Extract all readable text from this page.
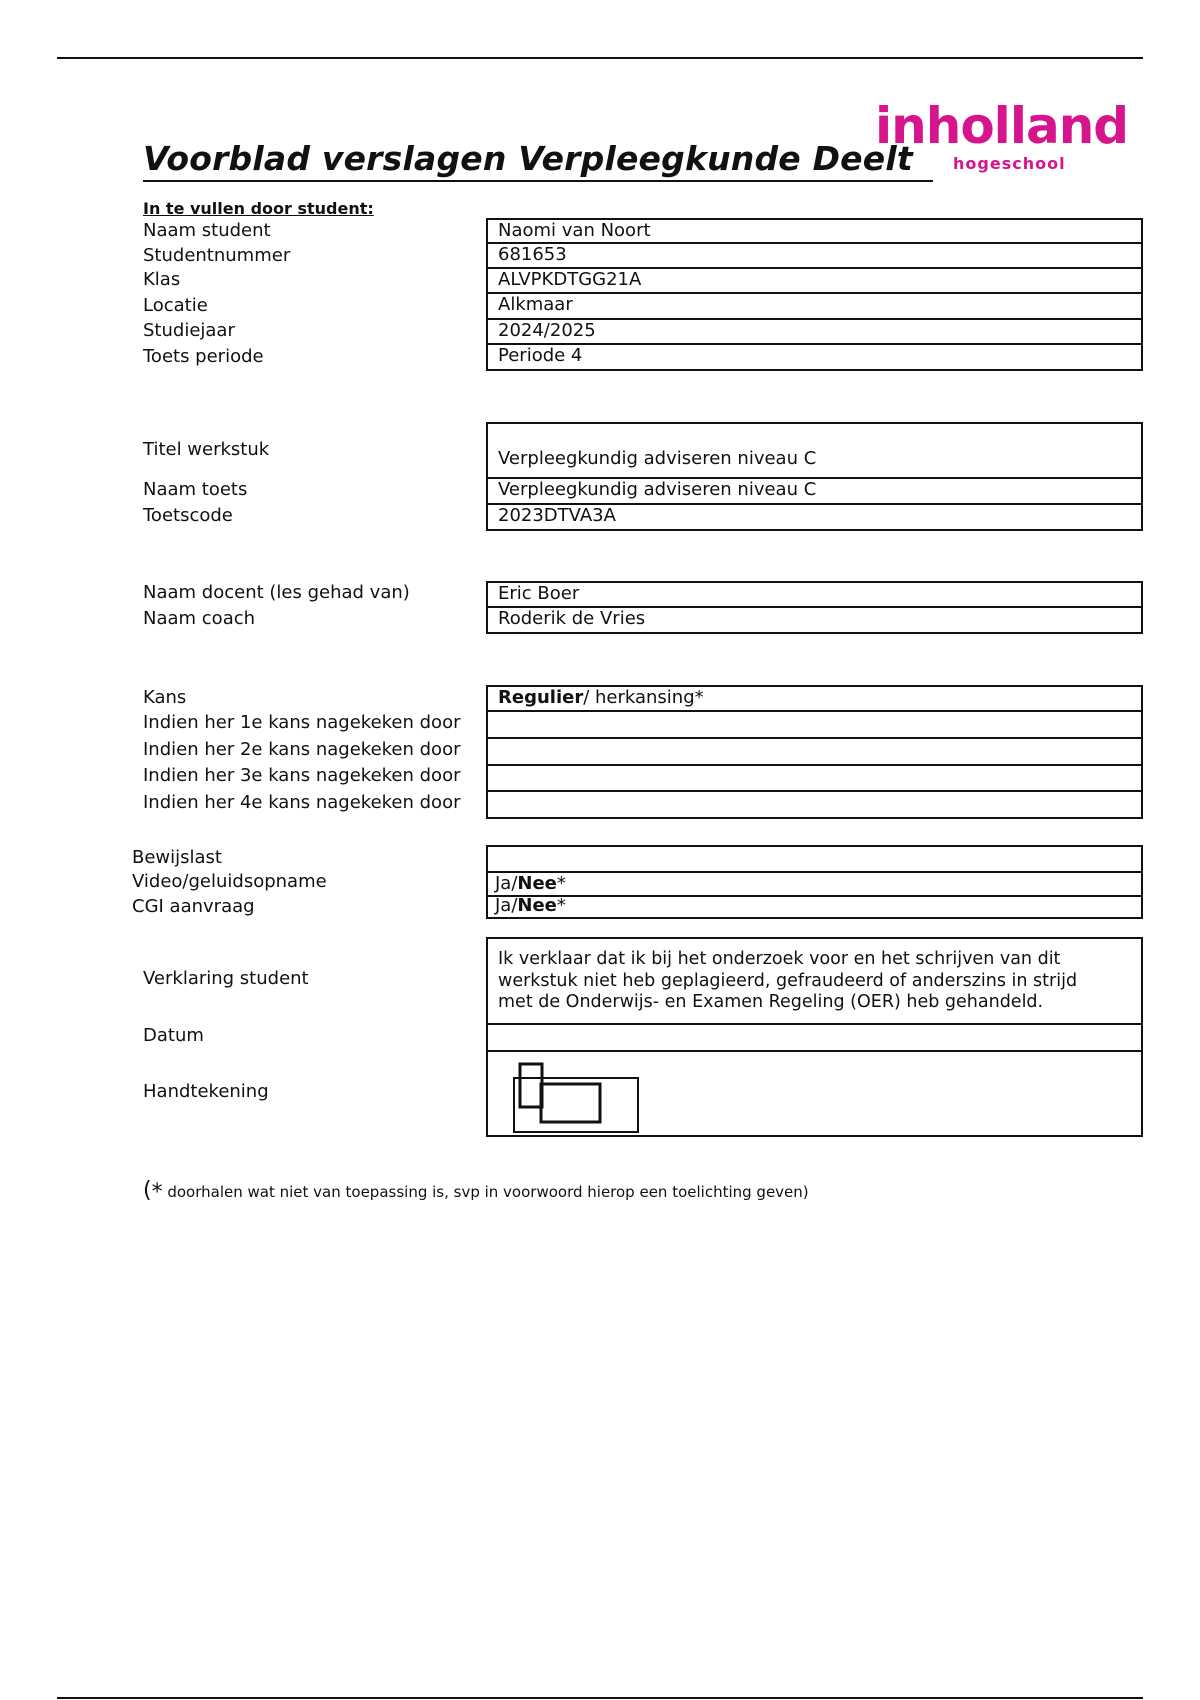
Voorblad verslagen Verpleegkunde Deelt
inholland
hogeschool
In te vullen door student:
Naam student
Studentnummer
Klas
Locatie
Studiejaar
Toets periode
Naomi van Noort
681653
ALVPKDTGG21A
Alkmaar
2024/2025
Periode 4
Titel werkstuk
Naam toets
Toetscode
Verpleegkundig adviseren niveau C
Verpleegkundig adviseren niveau C
2023DTVA3A
Naam docent (les gehad van)
Naam coach
Eric Boer
Roderik de Vries
Kans
Indien her 1e kans nagekeken door
Indien her 2e kans nagekeken door
Indien her 3e kans nagekeken door
Indien her 4e kans nagekeken door
Regulier/ herkansing*
Bewijslast
Video/geluidsopname
CGI aanvraag
Ja/Nee*
Ja/Nee*
Verklaring student
Datum
Handtekening
Ik verklaar dat ik bij het onderzoek voor en het schrijven van dit werkstuk niet heb geplagieerd, gefraudeerd of anderszins in strijd met de Onderwijs- en Examen Regeling (OER) heb gehandeld.
(* doorhalen wat niet van toepassing is, svp in voorwoord hierop een toelichting geven)
